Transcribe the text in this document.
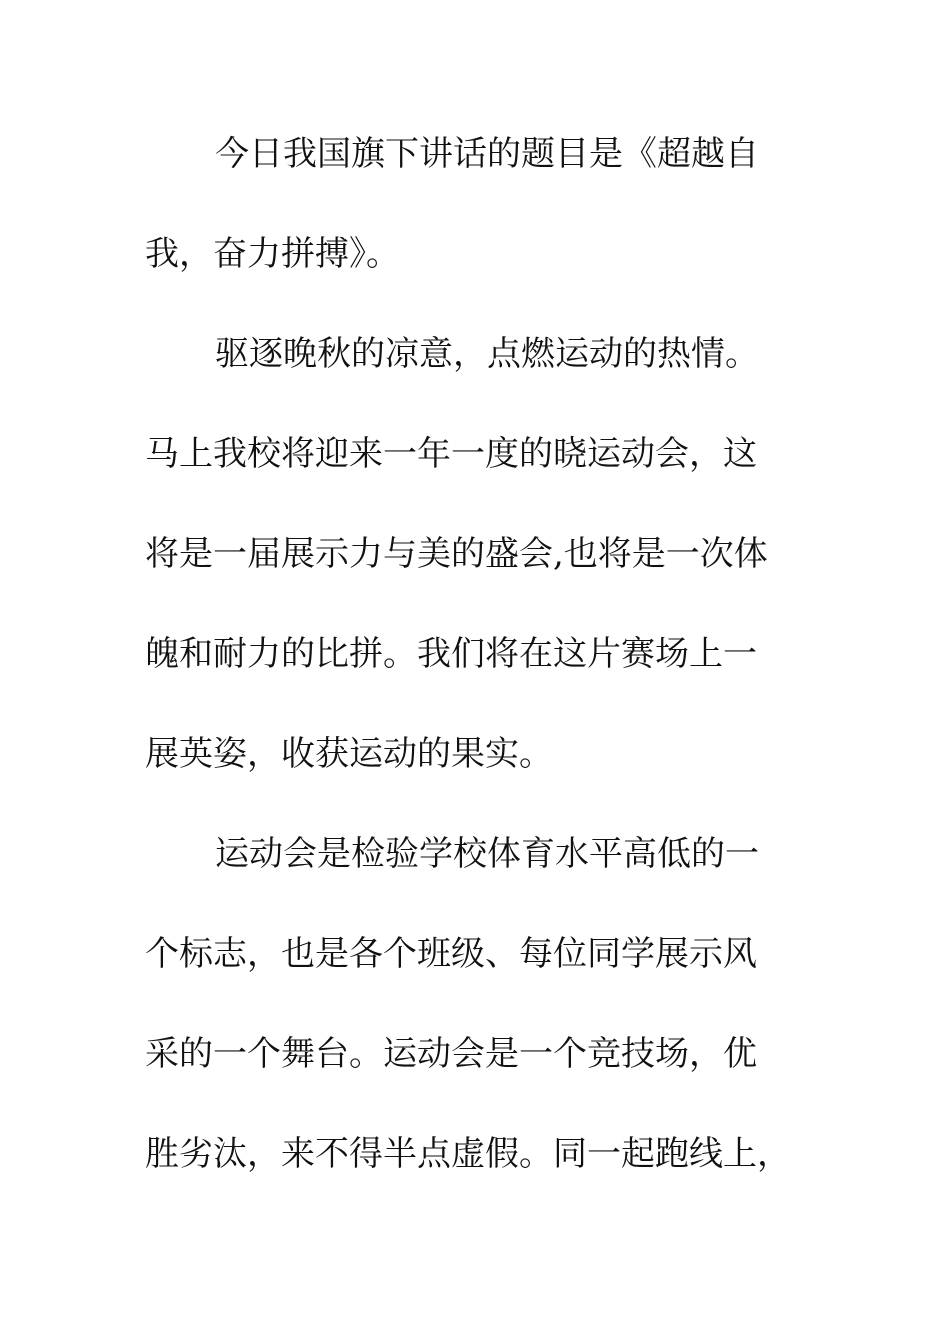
今日我国旗下讲话的题目是《超越自
我，奋力拼搏》。
驱逐晚秋的凉意，点燃运动的热情。
马上我校将迎来一年一度的晓运动会，这
将是一届展示力与美的盛会,也将是一次体
魄和耐力的比拼。我们将在这片赛场上一
展英姿，收获运动的果实。
运动会是检验学校体育水平高低的一
个标志，也是各个班级、每位同学展示风
采的一个舞台。运动会是一个竞技场，优
胜劣汰，来不得半点虚假。同一起跑线上，
